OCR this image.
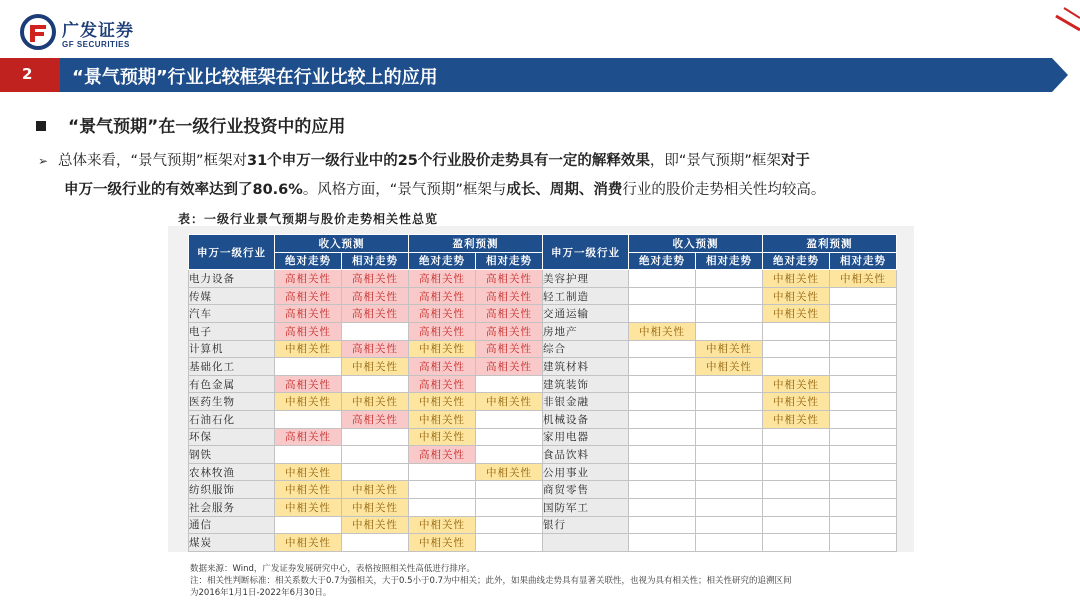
广发证券
GF SECURITIES
2 “景气预期”行业比较框架在行业比较上的应用
“景气预期”在一级行业投资中的应用
➢ 总体来看，“景气预期”框架对31个申万一级行业中的25个行业股价走势具有一定的解释效果，即“景气预期”框架对于
申万一级行业的有效率达到了80.6%。风格方面，“景气预期”框架与成长、周期、消费行业的股价走势相关性均较高。
表：一级行业景气预期与股价走势相关性总览
申万一级行业	收入预测		盈利预测		申万一级行业	收入预测		盈利预测	
	绝对走势	相对走势	绝对走势	相对走势		绝对走势	相对走势	绝对走势	相对走势
电力设备	高相关性	高相关性	高相关性	高相关性	美容护理			中相关性	中相关性
传媒	高相关性	高相关性	高相关性	高相关性	轻工制造			中相关性	
汽车	高相关性	高相关性	高相关性	高相关性	交通运输			中相关性	
电子	高相关性		高相关性	高相关性	房地产	中相关性			
计算机	中相关性	高相关性	中相关性	高相关性	综合		中相关性		
基础化工		中相关性	高相关性	高相关性	建筑材料		中相关性		
有色金属	高相关性		高相关性		建筑装饰			中相关性	
医药生物	中相关性	中相关性	中相关性	中相关性	非银金融			中相关性	
石油石化		高相关性	中相关性		机械设备			中相关性	
环保	高相关性		中相关性		家用电器				
钢铁			高相关性		食品饮料				
农林牧渔	中相关性			中相关性	公用事业				
纺织服饰	中相关性	中相关性			商贸零售				
社会服务	中相关性	中相关性			国防军工				
通信		中相关性	中相关性		银行				
煤炭	中相关性		中相关性						
数据来源：Wind，广发证券发展研究中心，表格按照相关性高低进行排序。
注：相关性判断标准：相关系数大于0.7为强相关，大于0.5小于0.7为中相关；此外，如果曲线走势具有显著关联性，也视为具有相关性；相关性研究的追溯区间
为2016年1月1日-2022年6月30日。
